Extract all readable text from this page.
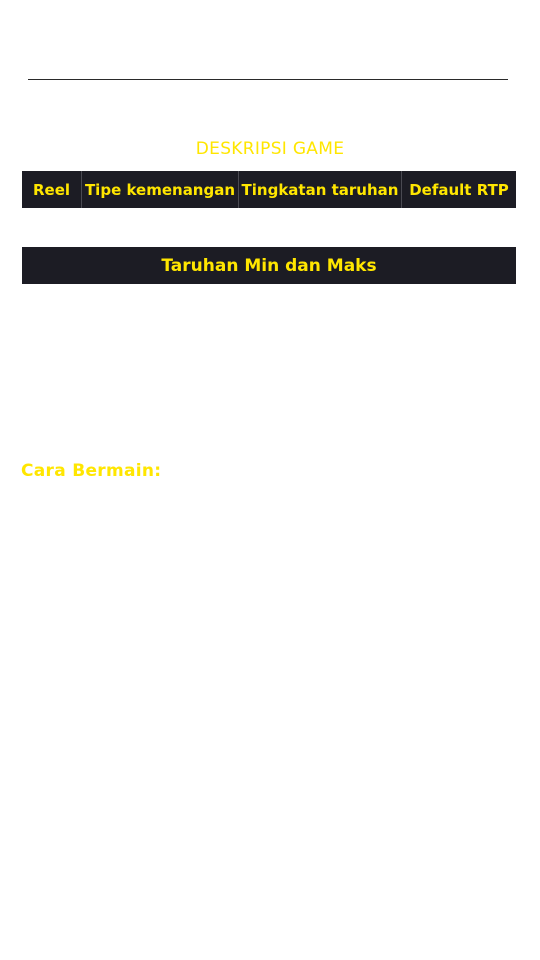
DESKRIPSI GAME
Reel Tipe kemenangan Tingkatan taruhan Default RTP
Taruhan Min dan Maks
Cara Bermain:
